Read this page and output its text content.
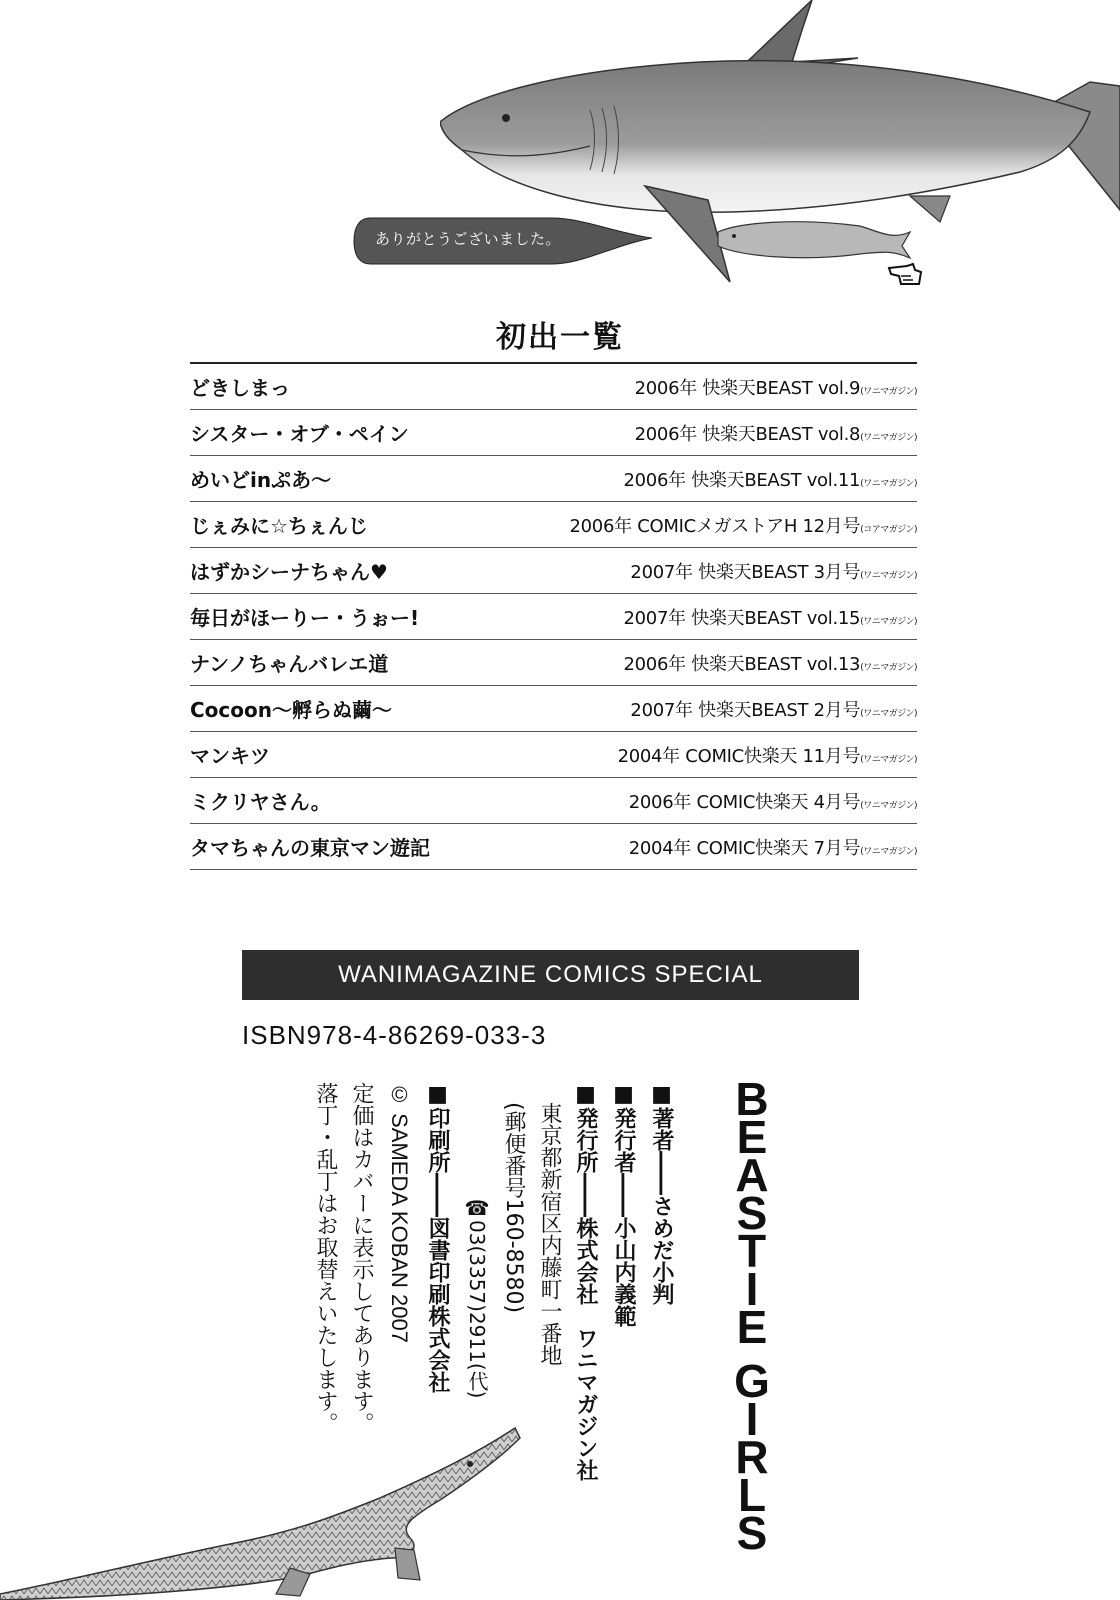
ありがとうございました。
初出一覧
どきしまっ	2006年 快楽天BEAST vol.9(ワニマガジン)
シスター・オブ・ペイン	2006年 快楽天BEAST vol.8(ワニマガジン)
めいどinぷあ～	2006年 快楽天BEAST vol.11(ワニマガジン)
じぇみに☆ちぇんじ	2006年 COMICメガストアH 12月号(コアマガジン)
はずかシーナちゃん♥	2007年 快楽天BEAST 3月号(ワニマガジン)
毎日がほーりー・うぉー!	2007年 快楽天BEAST vol.15(ワニマガジン)
ナンノちゃんバレエ道	2006年 快楽天BEAST vol.13(ワニマガジン)
Cocoon～孵らぬ繭～	2007年 快楽天BEAST 2月号(ワニマガジン)
マンキツ	2004年 COMIC快楽天 11月号(ワニマガジン)
ミクリヤさん。	2006年 COMIC快楽天 4月号(ワニマガジン)
タマちゃんの東京マン遊記	2004年 COMIC快楽天 7月号(ワニマガジン)
WANIMAGAZINE COMICS SPECIAL
ISBN978-4-86269-033-3
B
E
A
S
T
I
E

G
I
R
L
S
■著者――さめだ小判
■発行者――小山内義範
■発行所――株式会社　ワニマガジン社
東京都新宿区内藤町一番地
(郵便番号160-8580)
☎03(3357)2911(代)
■印刷所――図書印刷株式会社
© SAMEDA KOBAN 2007
定価はカバーに表示してあります。
落丁・乱丁はお取替えいたします。
